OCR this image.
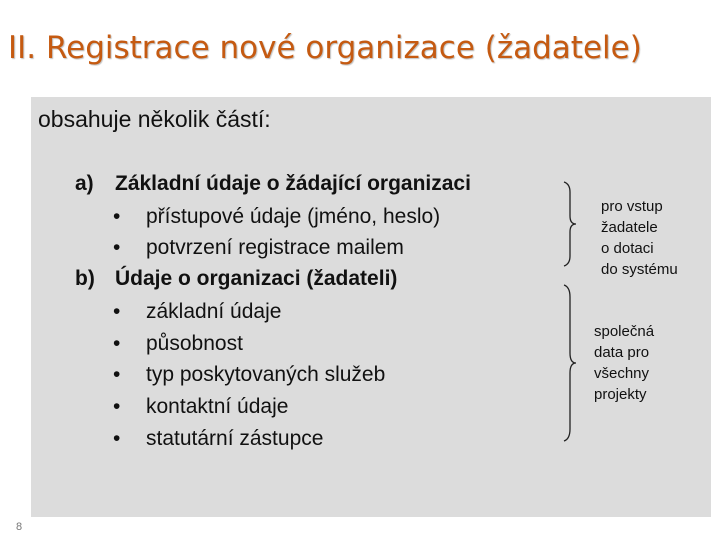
II. Registrace nové organizace (žadatele)
obsahuje několik částí:
a) Základní údaje o žádající organizaci
• přístupové údaje (jméno, heslo)
• potvrzení registrace mailem
b) Údaje o organizaci (žadateli)
• základní údaje
• působnost
• typ poskytovaných služeb
• kontaktní údaje
• statutární zástupce
pro vstup
žadatele
o dotaci
do systému
společná
data pro
všechny
projekty
8
